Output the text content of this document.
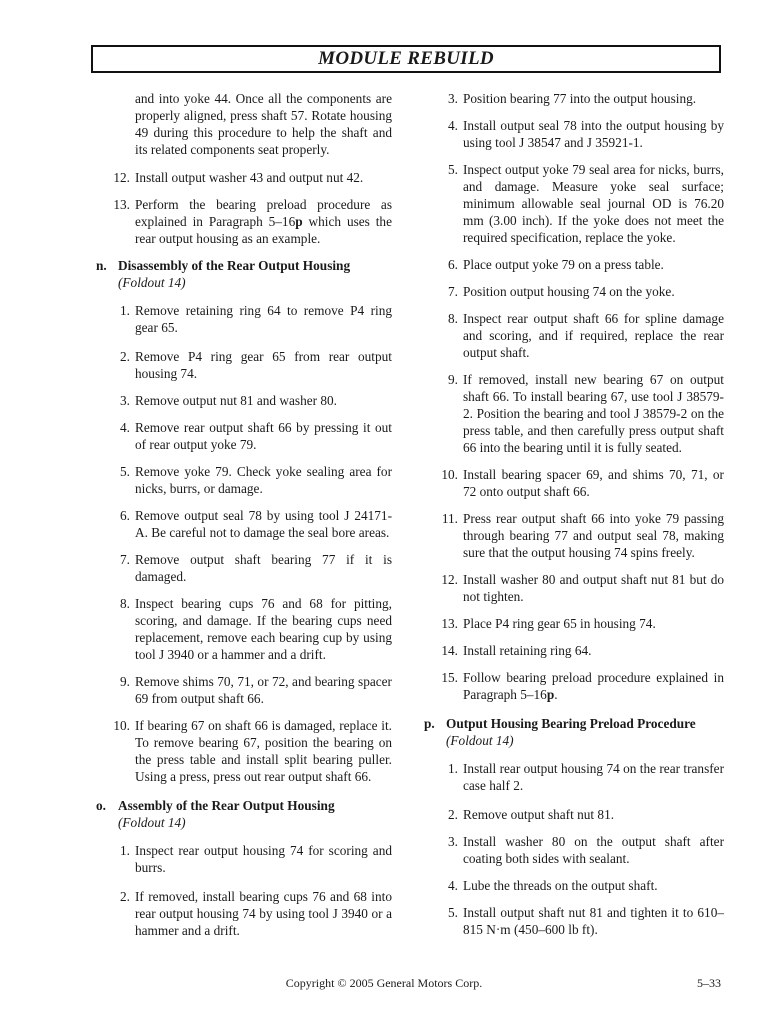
MODULE REBUILD
and into yoke 44. Once all the components are properly aligned, press shaft 57. Rotate housing 49 during this procedure to help the shaft and its related components seat properly.
12. Install output washer 43 and output nut 42.
13. Perform the bearing preload procedure as explained in Paragraph 5–16p which uses the rear output housing as an example.
n. Disassembly of the Rear Output Housing
(Foldout 14)
1. Remove retaining ring 64 to remove P4 ring gear 65.
2. Remove P4 ring gear 65 from rear output housing 74.
3. Remove output nut 81 and washer 80.
4. Remove rear output shaft 66 by pressing it out of rear output yoke 79.
5. Remove yoke 79. Check yoke sealing area for nicks, burrs, or damage.
6. Remove output seal 78 by using tool J 24171-A. Be careful not to damage the seal bore areas.
7. Remove output shaft bearing 77 if it is damaged.
8. Inspect bearing cups 76 and 68 for pitting, scoring, and damage. If the bearing cups need replacement, remove each bearing cup by using tool J 3940 or a hammer and a drift.
9. Remove shims 70, 71, or 72, and bearing spacer 69 from output shaft 66.
10. If bearing 67 on shaft 66 is damaged, replace it. To remove bearing 67, position the bearing on the press table and install split bearing puller. Using a press, press out rear output shaft 66.
o. Assembly of the Rear Output Housing
(Foldout 14)
1. Inspect rear output housing 74 for scoring and burrs.
2. If removed, install bearing cups 76 and 68 into rear output housing 74 by using tool J 3940 or a hammer and a drift.
3. Position bearing 77 into the output housing.
4. Install output seal 78 into the output housing by using tool J 38547 and J 35921-1.
5. Inspect output yoke 79 seal area for nicks, burrs, and damage. Measure yoke seal surface; minimum allowable seal journal OD is 76.20 mm (3.00 inch). If the yoke does not meet the required specification, replace the yoke.
6. Place output yoke 79 on a press table.
7. Position output housing 74 on the yoke.
8. Inspect rear output shaft 66 for spline damage and scoring, and if required, replace the rear output shaft.
9. If removed, install new bearing 67 on output shaft 66. To install bearing 67, use tool J 38579-2. Position the bearing and tool J 38579-2 on the press table, and then carefully press output shaft 66 into the bearing until it is fully seated.
10. Install bearing spacer 69, and shims 70, 71, or 72 onto output shaft 66.
11. Press rear output shaft 66 into yoke 79 passing through bearing 77 and output seal 78, making sure that the output housing 74 spins freely.
12. Install washer 80 and output shaft nut 81 but do not tighten.
13. Place P4 ring gear 65 in housing 74.
14. Install retaining ring 64.
15. Follow bearing preload procedure explained in Paragraph 5–16p.
p. Output Housing Bearing Preload Procedure
(Foldout 14)
1. Install rear output housing 74 on the rear transfer case half 2.
2. Remove output shaft nut 81.
3. Install washer 80 on the output shaft after coating both sides with sealant.
4. Lube the threads on the output shaft.
5. Install output shaft nut 81 and tighten it to 610–815 N·m (450–600 lb ft).
Copyright © 2005 General Motors Corp.	5–33
